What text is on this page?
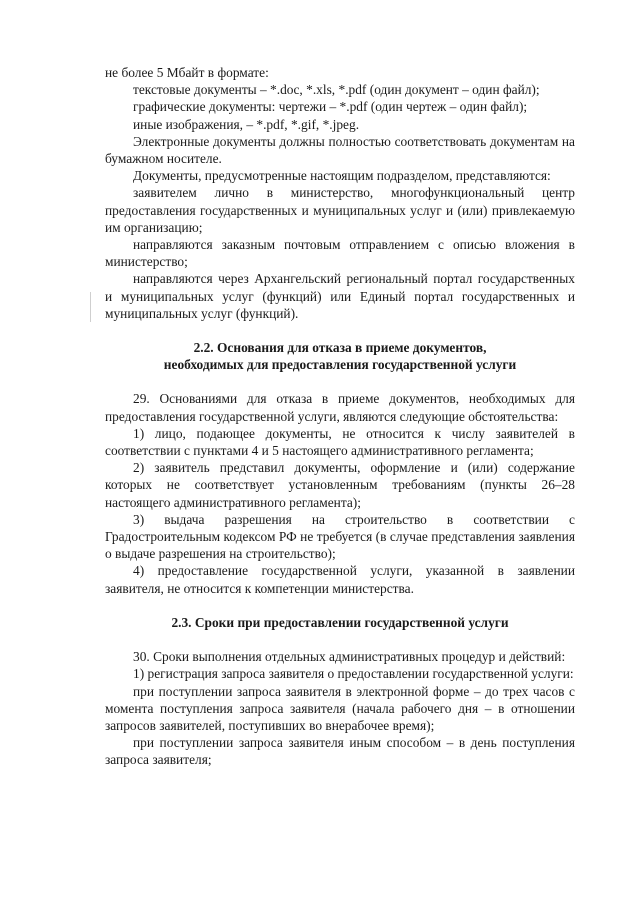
не более 5 Мбайт в формате:

текстовые документы – *.doc, *.xls, *.pdf (один документ – один файл);

графические документы: чертежи – *.pdf (один чертеж – один файл);

иные изображения, – *.pdf, *.gif, *.jpeg.

Электронные документы должны полностью соответствовать документам на бумажном носителе.

Документы, предусмотренные настоящим подразделом, представляются:

заявителем лично в министерство, многофункциональный центр предоставления государственных и муниципальных услуг и (или) привлекаемую им организацию;

направляются заказным почтовым отправлением с описью вложения в министерство;

направляются через Архангельский региональный портал государственных и муниципальных услуг (функций) или Единый портал государственных и муниципальных услуг (функций).

2.2. Основания для отказа в приеме документов,

необходимых для предоставления государственной услуги

29. Основаниями для отказа в приеме документов, необходимых для предоставления государственной услуги, являются следующие обстоятельства:

1) лицо, подающее документы, не относится к числу заявителей в соответствии с пунктами 4 и 5 настоящего административного регламента;

2) заявитель представил документы, оформление и (или) содержание которых не соответствует установленным требованиям (пункты 26–28 настоящего административного регламента);

3) выдача разрешения на строительство в соответствии с Градостроительным кодексом РФ не требуется (в случае представления заявления о выдаче разрешения на строительство);

4) предоставление государственной услуги, указанной в заявлении заявителя, не относится к компетенции министерства.

2.3. Сроки при предоставлении государственной услуги

30. Сроки выполнения отдельных административных процедур и действий:

1) регистрация запроса заявителя о предоставлении государственной услуги:

при поступлении запроса заявителя в электронной форме – до трех часов с момента поступления запроса заявителя (начала рабочего дня – в отношении запросов заявителей, поступивших во внерабочее время);

при поступлении запроса заявителя иным способом – в день поступления запроса заявителя;
